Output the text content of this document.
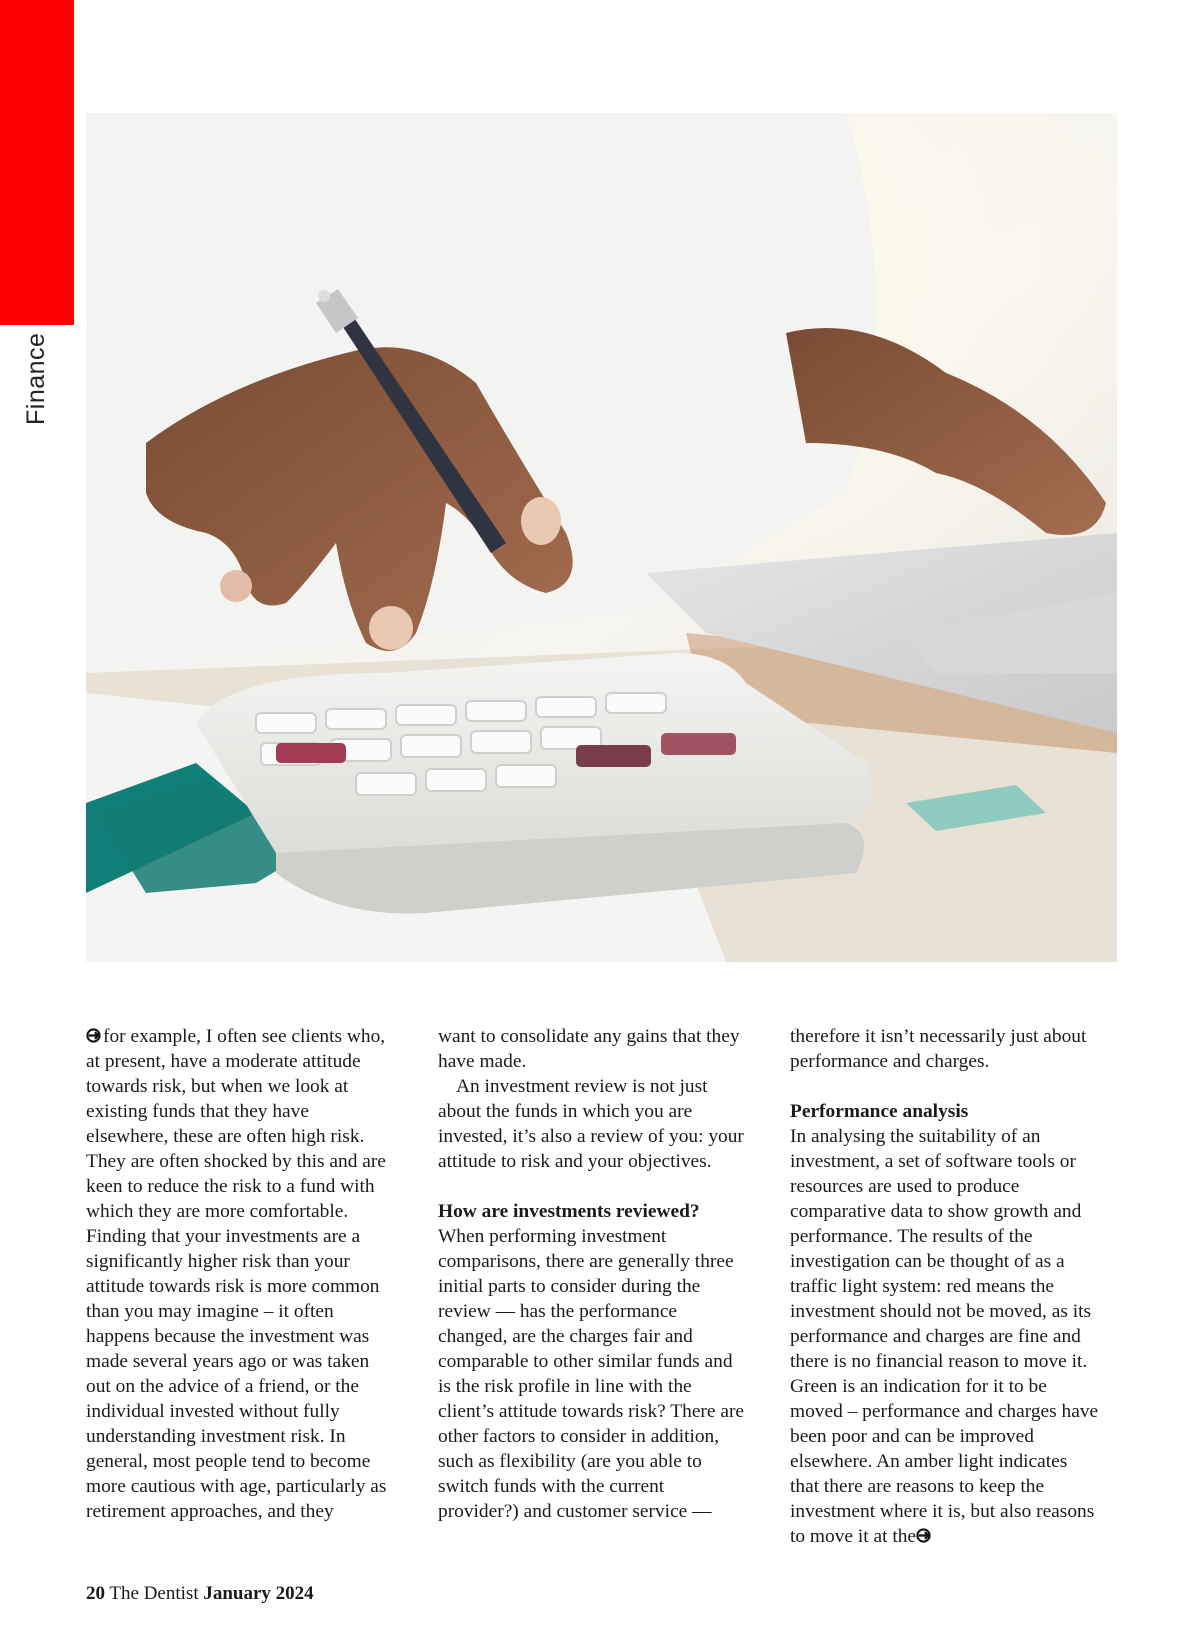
Finance

for example, I often see clients who, at present, have a moderate attitude towards risk, but when we look at existing funds that they have elsewhere, these are often high risk. They are often shocked by this and are keen to reduce the risk to a fund with which they are more comfortable. Finding that your investments are a significantly higher risk than your attitude towards risk is more common than you may imagine – it often happens because the investment was made several years ago or was taken out on the advice of a friend, or the individual invested without fully understanding investment risk. In general, most people tend to become more cautious with age, particularly as retirement approaches, and they

want to consolidate any gains that they have made.

An investment review is not just about the funds in which you are invested, it’s also a review of you: your attitude to risk and your objectives.

How are investments reviewed?

When performing investment comparisons, there are generally three initial parts to consider during the review — has the performance changed, are the charges fair and comparable to other similar funds and is the risk profile in line with the client’s attitude towards risk? There are other factors to consider in addition, such as flexibility (are you able to switch funds with the current provider?) and customer service —

therefore it isn’t necessarily just about performance and charges.

Performance analysis

In analysing the suitability of an investment, a set of software tools or resources are used to produce comparative data to show growth and performance. The results of the investigation can be thought of as a traffic light system: red means the investment should not be moved, as its performance and charges are fine and there is no financial reason to move it. Green is an indication for it to be moved – performance and charges have been poor and can be improved elsewhere. An amber light indicates that there are reasons to keep the investment where it is, but also reasons to move it at the

20 The Dentist January 2024
